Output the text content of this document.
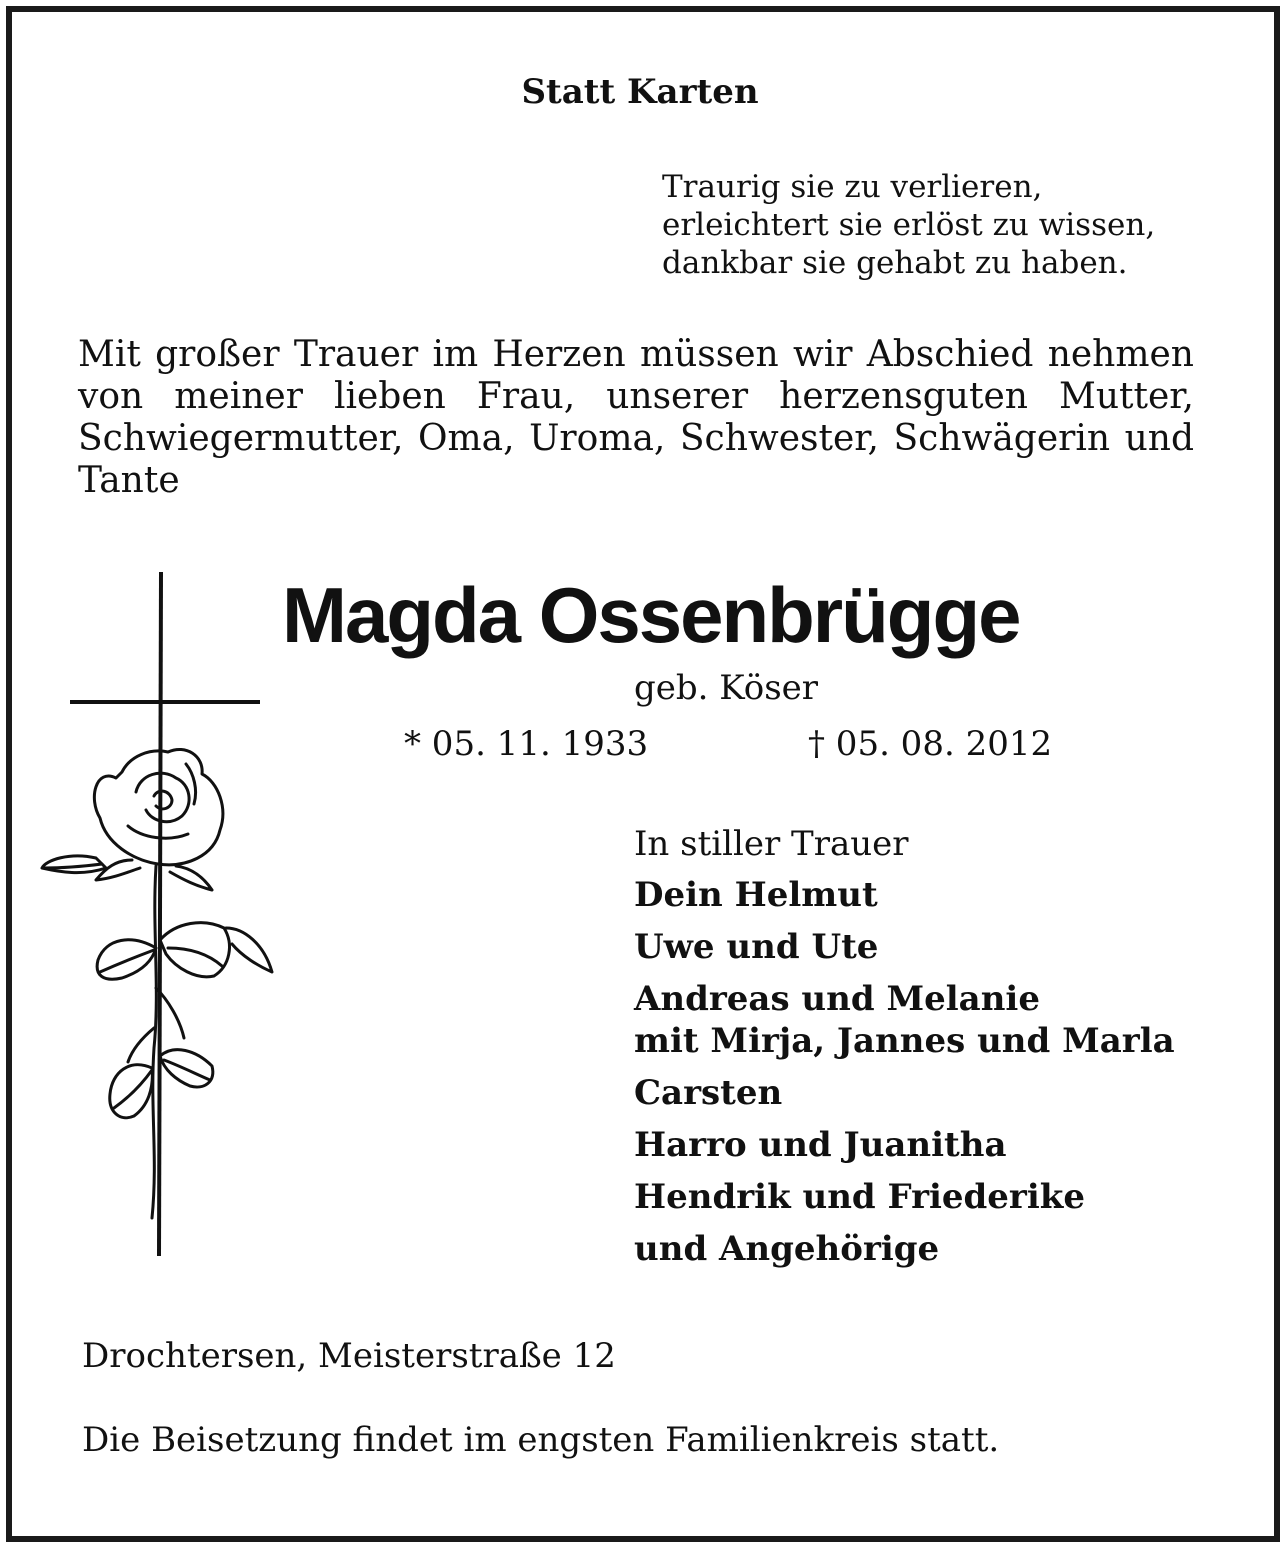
Statt Karten
Traurig sie zu verlieren,
erleichtert sie erlöst zu wissen,
dankbar sie gehabt zu haben.

Mit großer Trauer im Herzen müssen wir Abschied nehmen von meiner lieben Frau, unserer herzensguten Mutter, Schwiegermutter, Oma, Uroma, Schwester, Schwägerin und Tante

Magda Ossenbrügge
geb. Köser
* 05. 11. 1933	† 05. 08. 2012
In stiller Trauer
Dein Helmut
Uwe und Ute
Andreas und Melanie
mit Mirja, Jannes und Marla
Carsten
Harro und Juanitha
Hendrik und Friederike
und Angehörige
Drochtersen, Meisterstraße 12
Die Beisetzung findet im engsten Familienkreis statt.
